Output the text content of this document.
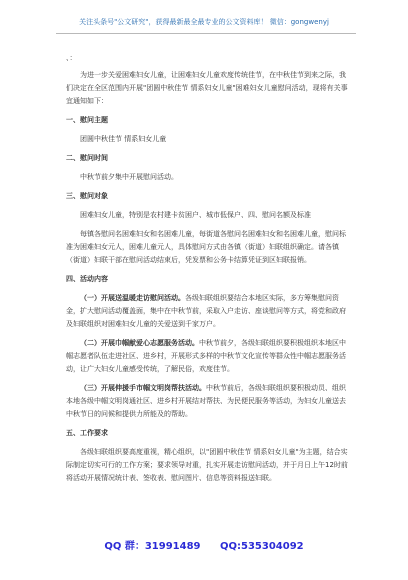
关注头条号"公文研究"，获得最新最全最专业的公文资料库！ 微信：gongwenyj

、：

为进一步关爱困难妇女儿童，让困难妇女儿童欢度传统佳节，在中秋佳节到来之际，我们决定在全区范围内开展"团圆中秋佳节 情系妇女儿童"困难妇女儿童慰问活动，现将有关事宜通知如下：

一、慰问主题

团圆中秋佳节 情系妇女儿童

二、慰问时间

中秋节前夕集中开展慰问活动。

三、慰问对象

困难妇女儿童，特别是农村建卡贫困户、城市低保户、四、慰问名额及标准

每镇各慰问名困难妇女和名困难儿童，每街道各慰问名困难妇女和名困难儿童，慰问标准为困难妇女元人，困难儿童元人，具体慰问方式由各镇（街道）妇联组织确定。请各镇（街道）妇联干部在慰问活动结束后，凭发票和公务卡结算凭证到区妇联报销。

四、活动内容

（一）开展送温暖走访慰问活动。各级妇联组织要结合本地区实际，多方筹集慰问资金，扩大慰问活动覆盖面，集中在中秋节前，采取入户走访、座谈慰问等方式，将党和政府及妇联组织对困难妇女儿童的关爱送到千家万户。

（二）开展巾帼献爱心志愿服务活动。中秋节前夕，各级妇联组织要积极组织本地区中帼志愿者队伍走进社区、进乡村，开展形式多样的中秋节文化宣传等群众性中帼志愿服务活动，让广大妇女儿童感受传统，了解民俗，欢度佳节。

（三）开展伸援手市帼文明岗帮扶活动。中秋节前后，各级妇联组织要积极动员、组织本地各级中帼文明岗通社区、进乡村开展结对帮扶、为民便民服务等活动，为妇女儿童送去中秋节日的问候和提供力所能及的帮助。

五、工作要求

各级妇联组织要高度重视，精心组织，以"团圆中秋佳节 情系妇女儿童"为主题，结合实际制定切实可行的工作方案；要求领导对重，扎实开展走访慰问活动，并于月日上午12时前将活动开展情况统计表、签收表、慰问图片、信息等资料报送妇联。

QQ 群：31991489 QQ:535304092
